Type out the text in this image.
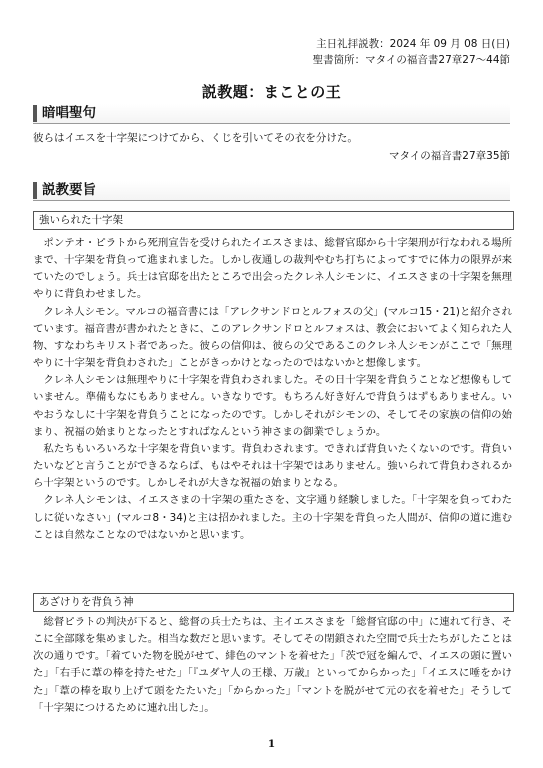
主日礼拝説教：2024 年 09 月 08 日(日)
聖書箇所：マタイの福音書27章27～44節
説教題：まことの王
暗唱聖句
彼らはイエスを十字架につけてから、くじを引いてその衣を分けた。
マタイの福音書27章35節
説教要旨
強いられた十字架

ポンテオ・ピラトから死刑宣告を受けられたイエスさまは、総督官邸から十字架刑が行なわれる場所まで、十字架を背負って進まれました。しかし夜通しの裁判やむち打ちによってすでに体力の限界が来ていたのでしょう。兵士は官邸を出たところで出会ったクレネ人シモンに、イエスさまの十字架を無理やりに背負わせました。

クレネ人シモン。マルコの福音書には「アレクサンドロとルフォスの父」(マルコ15・21)と紹介されています。福音書が書かれたときに、このアレクサンドロとルフォスは、教会においてよく知られた人物、すなわちキリスト者であった。彼らの信仰は、彼らの父であるこのクレネ人シモンがここで「無理やりに十字架を背負わされた」ことがきっかけとなったのではないかと想像します。

クレネ人シモンは無理やりに十字架を背負わされました。その日十字架を背負うことなど想像もしていません。準備もなにもありません。いきなりです。もちろん好き好んで背負うはずもありません。いやおうなしに十字架を背負うことになったのです。しかしそれがシモンの、そしてその家族の信仰の始まり、祝福の始まりとなったとすればなんという神さまの御業でしょうか。

私たちもいろいろな十字架を背負います。背負わされます。できれば背負いたくないのです。背負いたいなどと言うことができるならば、もはやそれは十字架ではありません。強いられて背負わされるから十字架というのです。しかしそれが大きな祝福の始まりとなる。

クレネ人シモンは、イエスさまの十字架の重たさを、文字通り経験しました。「十字架を負ってわたしに従いなさい」(マルコ8・34)と主は招かれました。主の十字架を背負った人間が、信仰の道に進むことは自然なことなのではないかと思います。

あざけりを背負う神

総督ピラトの判決が下ると、総督の兵士たちは、主イエスさまを「総督官邸の中」に連れて行き、そこに全部隊を集めました。相当な数だと思います。そしてその閉鎖された空間で兵士たちがしたことは次の通りです。「着ていた物を脱がせて、緋色のマントを着せた」「茨で冠を編んで、イエスの頭に置いた」「右手に葦の棒を持たせた」「『ユダヤ人の王様、万歳』といってからかった」「イエスに唾をかけた」「葦の棒を取り上げて頭をたたいた」「からかった」「マントを脱がせて元の衣を着せた」そうして「十字架につけるために連れ出した」。

1
